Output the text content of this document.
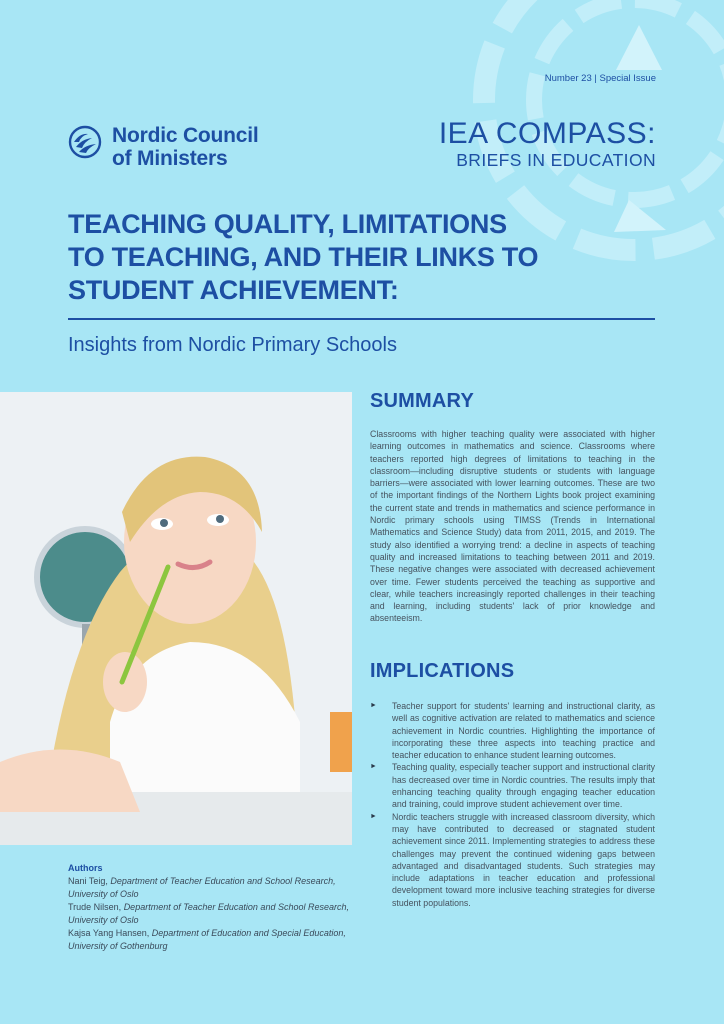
Number 23 | Special Issue
Nordic Council
of Ministers
IEA COMPASS:
BRIEFS IN EDUCATION
TEACHING QUALITY, LIMITATIONS
TO TEACHING, AND THEIR LINKS TO
STUDENT ACHIEVEMENT:
Insights from Nordic Primary Schools
Authors
Nani Teig, Department of Teacher Education and School Research, University of Oslo
Trude Nilsen, Department of Teacher Education and School Research, University of Oslo
Kajsa Yang Hansen, Department of Education and Special Education, University of Gothenburg
SUMMARY

Classrooms with higher teaching quality were associated with higher learning outcomes in mathematics and science. Classrooms where teachers reported high degrees of limitations to teaching in the classroom—including disruptive students or students with language barriers—were associated with lower learning outcomes. These are two of the important findings of the Northern Lights book project examining the current state and trends in mathematics and science performance in Nordic primary schools using TIMSS (Trends in International Mathematics and Science Study) data from 2011, 2015, and 2019. The study also identified a worrying trend: a decline in aspects of teaching quality and increased limitations to teaching between 2011 and 2019. These negative changes were associated with decreased achievement over time. Fewer students perceived the teaching as supportive and clear, while teachers increasingly reported challenges in their teaching and learning, including students' lack of prior knowledge and absenteeism.

IMPLICATIONS
► Teacher support for students' learning and instructional clarity, as well as cognitive activation are related to mathematics and science achievement in Nordic countries. Highlighting the importance of incorporating these three aspects into teaching practice and teacher education to enhance student learning outcomes.
► Teaching quality, especially teacher support and instructional clarity has decreased over time in Nordic countries. The results imply that enhancing teaching quality through engaging teacher education and training, could improve student achievement over time.
► Nordic teachers struggle with increased classroom diversity, which may have contributed to decreased or stagnated student achievement since 2011. Implementing strategies to address these challenges may prevent the continued widening gaps between advantaged and disadvantaged students. Such strategies may include adaptations in teacher education and professional development toward more inclusive teaching strategies for diverse student populations.
